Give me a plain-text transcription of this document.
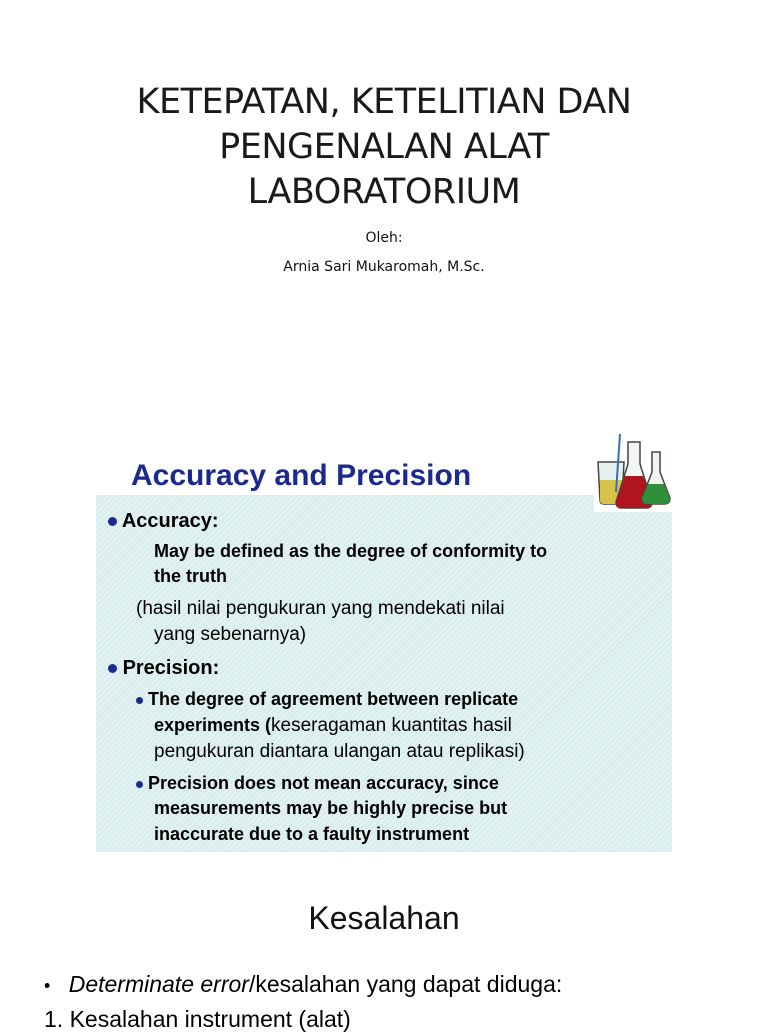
KETEPATAN, KETELITIAN DAN
PENGENALAN ALAT
LABORATORIUM
Oleh:
Arnia Sari Mukaromah, M.Sc.
Accuracy and Precision
Accuracy:
May be defined as the degree of conformity to
the truth
(hasil nilai pengukuran yang mendekati nilai
yang sebenarnya)
Precision:
The degree of agreement between replicate
experiments (keseragaman kuantitas hasil
pengukuran diantara ulangan atau replikasi)
Precision does not mean accuracy, since
measurements may be highly precise but
inaccurate due to a faulty instrument
Kesalahan
• Determinate error/kesalahan yang dapat diduga:
1. Kesalahan instrument (alat)
